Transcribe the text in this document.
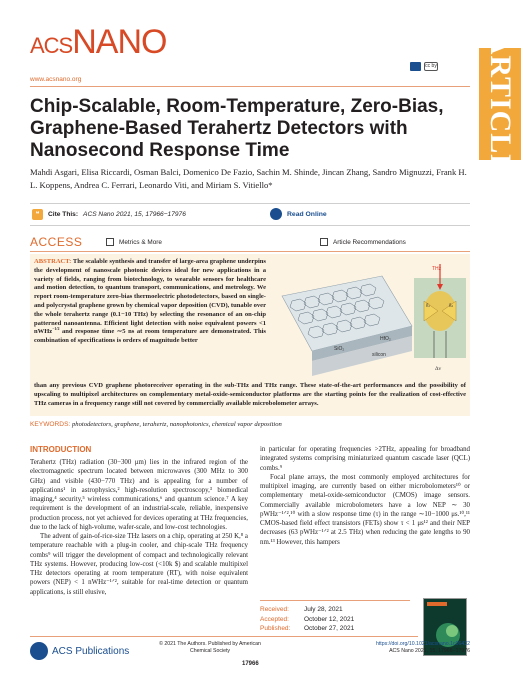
ACS NANO
www.acsnano.org
cc by ARTICLE
Chip-Scalable, Room-Temperature, Zero-Bias, Graphene-Based Terahertz Detectors with Nanosecond Response Time
Mahdi Asgari, Elisa Riccardi, Osman Balci, Domenico De Fazio, Sachin M. Shinde, Jincan Zhang, Sandro Mignuzzi, Frank H. L. Koppens, Andrea C. Ferrari, Leonardo Viti, and Miriam S. Vitiello*
❝	Cite This: ACS Nano 2021, 15, 17966−17976	Read Online
ACCESS	Metrics & More	Article Recommendations

ABSTRACT: The scalable synthesis and transfer of large-area graphene underpins the development of nanoscale photonic devices ideal for new applications in a variety of fields, ranging from biotechnology, to wearable sensors for healthcare and motion detection, to quantum transport, communications, and metrology. We report room-temperature zero-bias thermoelectric photodetectors, based on single- and polycrystal graphene grown by chemical vapor deposition (CVD), tunable over the whole terahertz range (0.1−10 THz) by selecting the resonance of an on-chip patterned nanoantenna. Efficient light detection with noise equivalent powers <1 nWHz$^{-1/2}$ and response time ∼5 ns at room temperature are demonstrated. This combination of specifications is orders of magnitude better	HfO₂
SiO₂
silicon
THz
g₁	g₂
Δv

than any previous CVD graphene photoreceiver operating in the sub-THz and THz range. These state-of-the-art performances and the possibility of upscaling to multipixel architectures on complementary metal-oxide-semiconductor platforms are the starting points for the realization of cost-effective THz cameras in a frequency range still not covered by commercially available microbolometer arrays.

KEYWORDS: photodetectors, graphene, terahertz, nanophotonics, chemical vapor deposition

INTRODUCTION

Terahertz (THz) radiation (30−300 μm) lies in the infrared region of the electromagnetic spectrum located between microwaves (300 MHz to 300 GHz) and visible (430−770 THz) and is appealing for a number of applications¹ in astrophysics,² high-resolution spectroscopy,³ biomedical imaging,⁴ security,⁵ wireless communications,⁶ and quantum science.⁷ A key requirement is the development of an industrial-scale, reliable, inexpensive production process, not yet achieved for devices operating at THz frequencies, due to the lack of high-volume, wafer-scale, and low-cost technologies.

The advent of gain-of-rice-size THz lasers on a chip, operating at 250 K,⁸ a temperature reachable with a plug-in cooler, and chip-scale THz frequency combs⁹ will trigger the development of compact and technologically relevant THz systems. However, producing low-cost (<10k $) and scalable multipixel THz detectors operating at room temperature (RT), with noise equivalent powers (NEP) < 1 nWHz⁻¹ᐟ², suitable for real-time detection or quantum applications, is still elusive,

in particular for operating frequencies >2THz, appealing for broadband integrated systems comprising miniaturized quantum cascade laser (QCL) combs.⁹

Focal plane arrays, the most commonly employed architectures for multipixel imaging, are currently based on either microbolometers¹⁰ or complementary metal-oxide-semiconductor (CMOS) image sensors. Commercially available microbolometers have a low NEP ∼ 30 pWHz⁻¹ᐟ²,¹⁰ with a slow response time (τ) in the range ∼10−1000 μs.¹⁰,¹¹ CMOS-based field effect transistors (FETs) show τ < 1 μs¹² and their NEP decreases (63 pWHz⁻¹ᐟ² at 2.5 THz) when reducing the gate lengths to 90 nm.¹³ However, this hampers

Received: July 28, 2021
Accepted: October 12, 2021
Published: October 27, 2021
ACS Publications
© 2021 The Authors. Published by American Chemical Society
17966
https://doi.org/10.1021/acsnano.1c06432
ACS Nano 2021, 15, 17966−17976
